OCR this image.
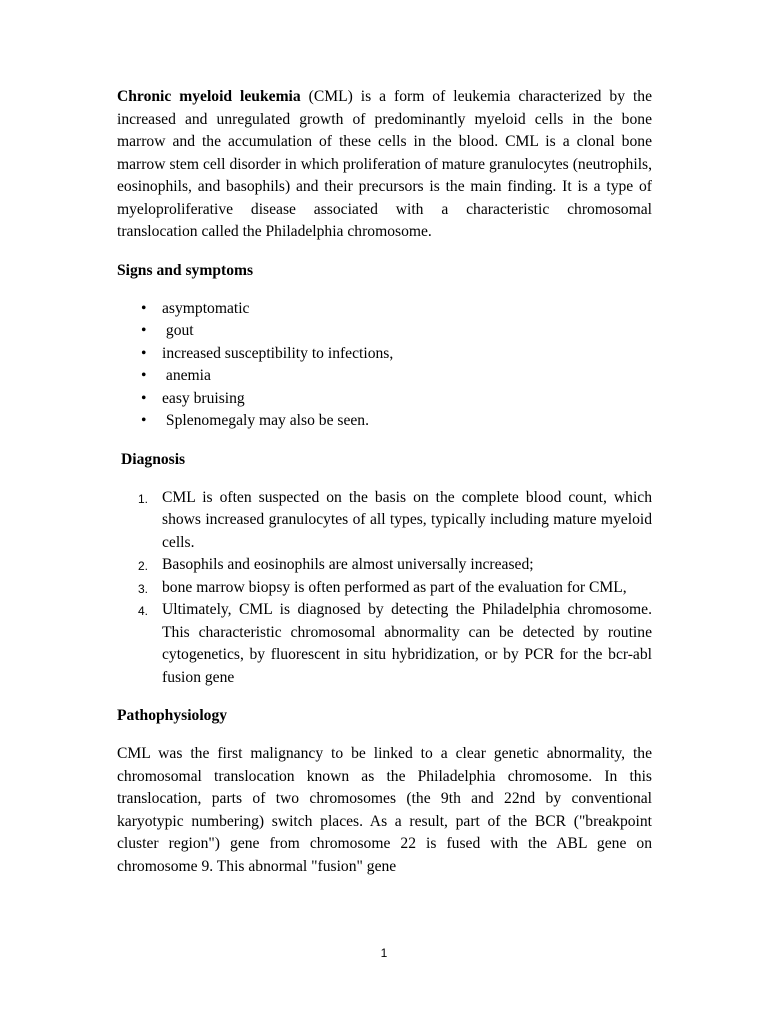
Chronic myeloid leukemia (CML) is a form of leukemia characterized by the increased and unregulated growth of predominantly myeloid cells in the bone marrow and the accumulation of these cells in the blood. CML is a clonal bone marrow stem cell disorder in which proliferation of mature granulocytes (neutrophils, eosinophils, and basophils) and their precursors is the main finding. It is a type of myeloproliferative disease associated with a characteristic chromosomal translocation called the Philadelphia chromosome.

Signs and symptoms

• asymptomatic
• gout
• increased susceptibility to infections,
• anemia
• easy bruising
• Splenomegaly may also be seen.

Diagnosis

1. CML is often suspected on the basis on the complete blood count, which shows increased granulocytes of all types, typically including mature myeloid cells.
2. Basophils and eosinophils are almost universally increased;
3. bone marrow biopsy is often performed as part of the evaluation for CML,
4. Ultimately, CML is diagnosed by detecting the Philadelphia chromosome. This characteristic chromosomal abnormality can be detected by routine cytogenetics, by fluorescent in situ hybridization, or by PCR for the bcr-abl fusion gene

Pathophysiology

CML was the first malignancy to be linked to a clear genetic abnormality, the chromosomal translocation known as the Philadelphia chromosome. In this translocation, parts of two chromosomes (the 9th and 22nd by conventional karyotypic numbering) switch places. As a result, part of the BCR ("breakpoint cluster region") gene from chromosome 22 is fused with the ABL gene on chromosome 9. This abnormal "fusion" gene

1
